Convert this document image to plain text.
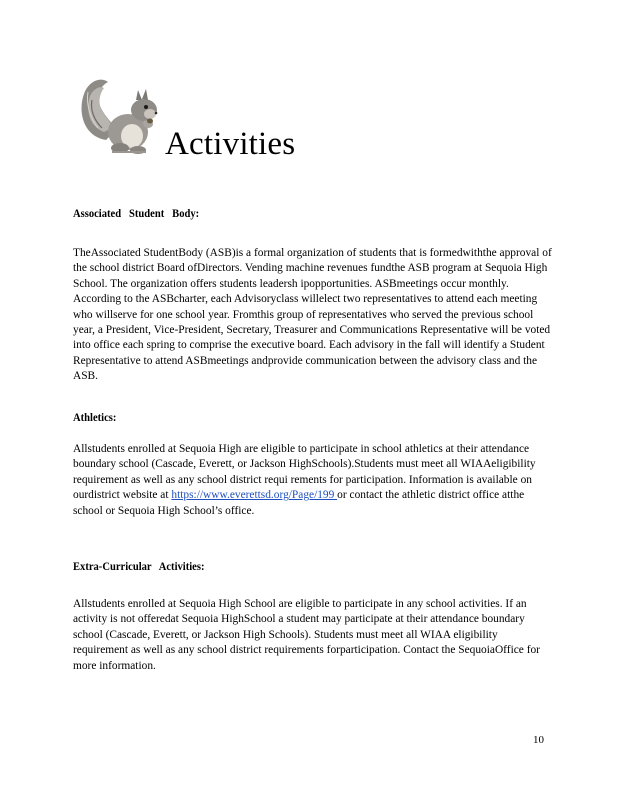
Activities
Associated Student Body:

TheAssociated StudentBody (ASB)is a formal organization of students that is formedwiththe approval of the school district Board ofDirectors. Vending machine revenues fundthe ASB program at Sequoia High School. The organization offers students leadersh ipopportunities. ASBmeetings occur monthly. According to the ASBcharter, each Advisoryclass willelect two representatives to attend each meeting who willserve for one school year. Fromthis group of representatives who served the previous school year, a President, Vice-President, Secretary, Treasurer and Communications Representative will be voted into office each spring to comprise the executive board. Each advisory in the fall will identify a Student Representative to attend ASBmeetings andprovide communication between the advisory class and the ASB.

Athletics:

Allstudents enrolled at Sequoia High are eligible to participate in school athletics at their attendance boundary school (Cascade, Everett, or Jackson HighSchools).Students must meet all WIAAeligibility requirement as well as any school district requi rements for participation. Information is available on ourdistrict website at https://www.everettsd.org/Page/199 or contact the athletic district office atthe school or Sequoia High School’s office.

Extra-Curricular Activities:

Allstudents enrolled at Sequoia High School are eligible to participate in any school activities. If an activity is not offeredat Sequoia HighSchool a student may participate at their attendance boundary school (Cascade, Everett, or Jackson High Schools). Students must meet all WIAA eligibility requirement as well as any school district requirements forparticipation. Contact the SequoiaOffice for more information.

10
